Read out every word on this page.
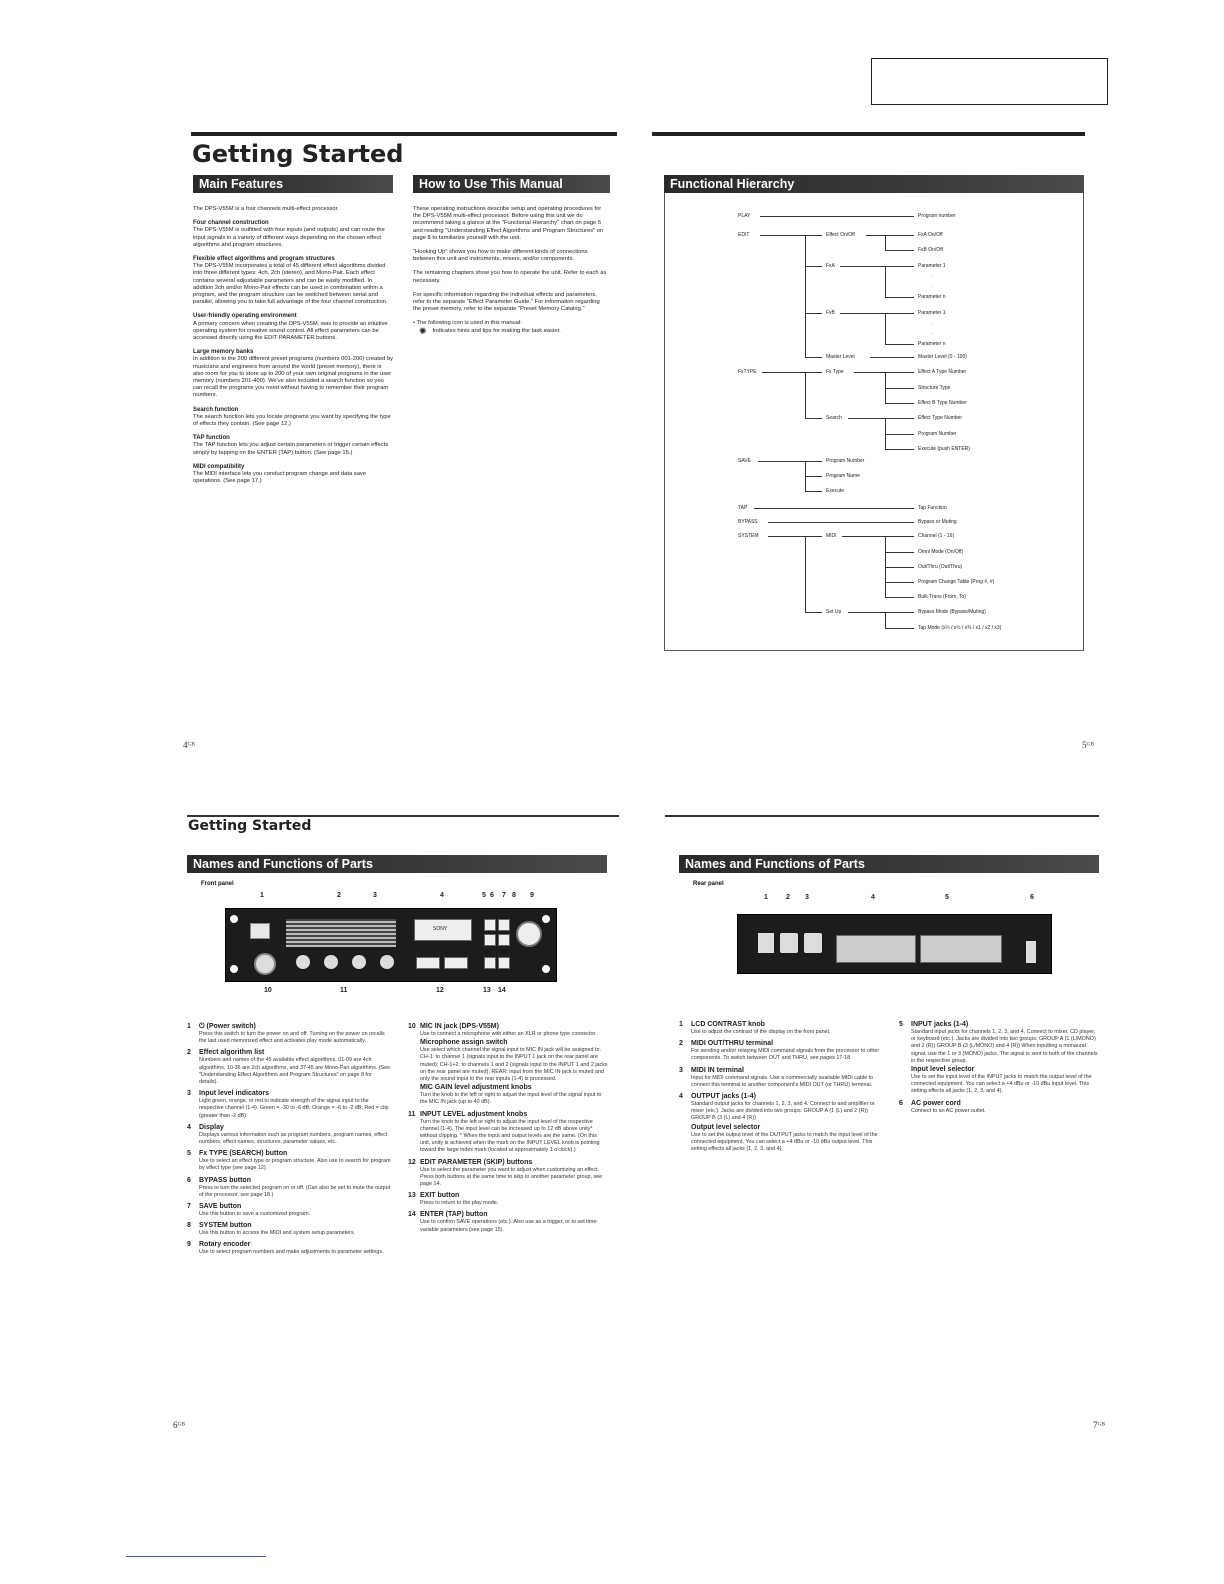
Getting Started
Main Features	How to Use This Manual
The DPS-V55M is a four channels multi-effect processor.
Four channel construction
The DPS-V55M is outfitted with four inputs (and outputs) and can route the input signals in a variety of different ways depending on the chosen effect algorithms and program structures.
Flexible effect algorithms and program structures
The DPS-V55M incorporates a total of 45 different effect algorithms divided into three different types: 4ch, 2ch (stereo), and Mono-Pair. Each effect contains several adjustable parameters and can be easily modified. In addition 2ch and/or Mono-Pair effects can be used in combination within a program, and the program structure can be switched between serial and parallel, allowing you to take full advantage of the four channel construction.
User-friendly operating environment
A primary concern when creating the DPS-V55M, was to provide an intuitive operating system for creative sound control. All effect parameters can be accessed directly using the EDIT PARAMETER buttons.
Large memory banks
In addition to the 200 different preset programs (numbers 001-200) created by musicians and engineers from around the world (preset memory), there is also room for you to store up to 200 of your own original programs in the user memory (numbers 201-400). We've also included a search function so you can recall the programs you need without having to remember their program numbers.
Search function
The search function lets you locate programs you want by specifying the type of effects they contain. (See page 12.)
TAP function
The TAP function lets you adjust certain parameters or trigger certain effects simply by tapping on the ENTER (TAP) button. (See page 15.)
MIDI compatibility
The MIDI interface lets you conduct program change and data save operations. (See page 17.)
These operating instructions describe setup and operating procedures for the DPS-V55M multi-effect processor. Before using this unit we do recommend taking a glance at the "Functional Hierarchy" chart on page 5 and reading "Understanding Effect Algorithms and Program Structures" on page 8 to familiarize yourself with the unit.
"Hooking Up" shows you how to make different kinds of connections between this unit and instruments, mixers, and/or components.
The remaining chapters show you how to operate the unit. Refer to each as necessary.
For specific information regarding the individual effects and parameters, refer to the separate "Effect Parameter Guide." For information regarding the preset memory, refer to the separate "Preset Memory Catalog."
• The following icon is used in this manual:
✺ Indicates hints and tips for making the task easier.
4ᴳᴮ
Functional Hierarchy
PLAY
EDIT
FxTYPE
SAVE
TAP
BYPASS
SYSTEM
Effect On/Off
FxA
FxB
Master Level
Fx Type
Search
Program Number
Program Name
Execute
MIDI
Set Up
Program number
FxA On/Off
FxB On/Off
Parameter 1
·
·
Parameter n
Parameter 1
·
·
Parameter n
Master Level (0 - 100)
Effect A Type Number
Structure Type
Effect B Type Number
Effect Type Number
Program Number
Execute (push ENTER)
Tap Function
Bypass or Muting
Channel (1 - 16)
Omni Mode (On/Off)
Out/Thru (Out/Thru)
Program Change Table (Prog #, #)
Bulk Trans (From, To)
Bypass Mode (Bypass/Muting)
Tap Mode (x¼ / x½ / x¾ / x1 / x2 / x3)
5ᴳᴮ
Getting Started
Names and Functions of Parts
Front panel
SONY
1	2	3	4	5 6 7 8 9
10	11	12	13 14
1 ⏻ (Power switch)
Press this switch to turn the power on and off. Turning on the power on recalls the last used memorized effect and activates play mode automatically.
2 Effect algorithm list
Numbers and names of the 45 available effect algorithms. 01-09 are 4ch algorithms, 10-36 are 2ch algorithms, and 37-45 are Mono-Pair algorithms. (See "Understanding Effect Algorithms and Program Structures" on page 8 for details).
3 Input level indicators
Light green, orange, or red to indicate strength of the signal input to the respective channel (1-4). Green = -30 to -6 dB; Orange = -6 to -2 dB; Red = clip (greater than -2 dB).
4 Display
Displays various information such as program numbers, program names, effect numbers, effect names, structures, parameter values, etc.
5 Fx TYPE (SEARCH) button
Use to select an effect type or program structure. Also use to search for program by effect type (see page 12).
6 BYPASS button
Press to turn the selected program on or off. (Can also be set to mute the output of the processor, see page 18.)
7 SAVE button
Use this button to save a customized program.
8 SYSTEM button
Use this button to access the MIDI and system setup parameters.
9 Rotary encoder
Use to select program numbers and make adjustments to parameter settings.
10 MIC IN jack (DPS-V55M)
Use to connect a microphone with either an XLR or phone type connector.
Microphone assign switch
Use select which channel the signal input to MIC IN jack will be assigned to. CH-1: to channel 1 (signals input to the INPUT 1 jack on the rear panel are muted); CH-1+2: to channels 1 and 2 (signals input to the INPUT 1 and 2 jacks on the rear panel are muted); REAR: input from the MIC IN jack is muted and only the sound input to the rear inputs (1-4) is processed.
MIC GAIN level adjustment knobs
Turn the knob to the left or right to adjust the input level of the signal input to the MIC IN jack (up to 40 dB).
11 INPUT LEVEL adjustment knobs
Turn the knob to the left or right to adjust the input level of the respective channel (1-4). The input level can be increased up to 12 dB above unity* without clipping. * When the input and output levels are the same. (On this unit, unity is achieved when the mark on the INPUT LEVEL knob is pointing toward the large index mark (located at approximately 1 o'clock).)
12 EDIT PARAMETER (SKIP) buttons
Use to select the parameter you want to adjust when customizing an effect. Press both buttons at the same time to skip to another parameter group, see page 14.
13 EXIT button
Press to return to the play mode.
14 ENTER (TAP) button
Use to confirm SAVE operations (etc.). Also use as a trigger, or to set time-variable parameters (see page 15).
6ᴳᴮ
Names and Functions of Parts
Rear panel
1	2 3	4	5	6
1 LCD CONTRAST knob
Use to adjust the contrast of the display on the front panel.
2 MIDI OUT/THRU terminal
For sending and/or relaying MIDI command signals from the processor to other components. To switch between OUT and THRU, see pages 17-18.
3 MIDI IN terminal
Input for MIDI command signals. Use a commercially available MIDI cable to connect this terminal to another component's MIDI OUT (or THRU) terminal.
4 OUTPUT jacks (1-4)
Standard output jacks for channels 1, 2, 3, and 4. Connect to and amplifier or mixer (etc.). Jacks are divided into two groups: GROUP A (1 (L) and 2 (R)) GROUP B (3 (L) and 4 (R))
Output level selector
Use to set the output level of the OUTPUT jacks to match the input level of the connected equipment. You can select a +4 dBu or -10 dBu output level. This setting effects all jacks (1, 2, 3, and 4).
5 INPUT jacks (1-4)
Standard input jacks for channels 1, 2, 3, and 4. Connect to mixer, CD player, or keyboard (etc.). Jacks are divided into two groups: GROUP A (1 (L/MONO) and 2 (R)) GROUP B (3 (L/MONO) and 4 (R)) When inputting a monaural signal, use the 1 or 3 (MONO) jacks. The signal is sent to both of the channels in the respective group.
Input level selector
Use to set the input level of the INPUT jacks to match the output level of the connected equipment. You can select a +4 dBu or -10 dBu input level. This setting effects all jacks (1, 2, 3, and 4).
6 AC power cord
Connect to an AC power outlet.
7ᴳᴮ
